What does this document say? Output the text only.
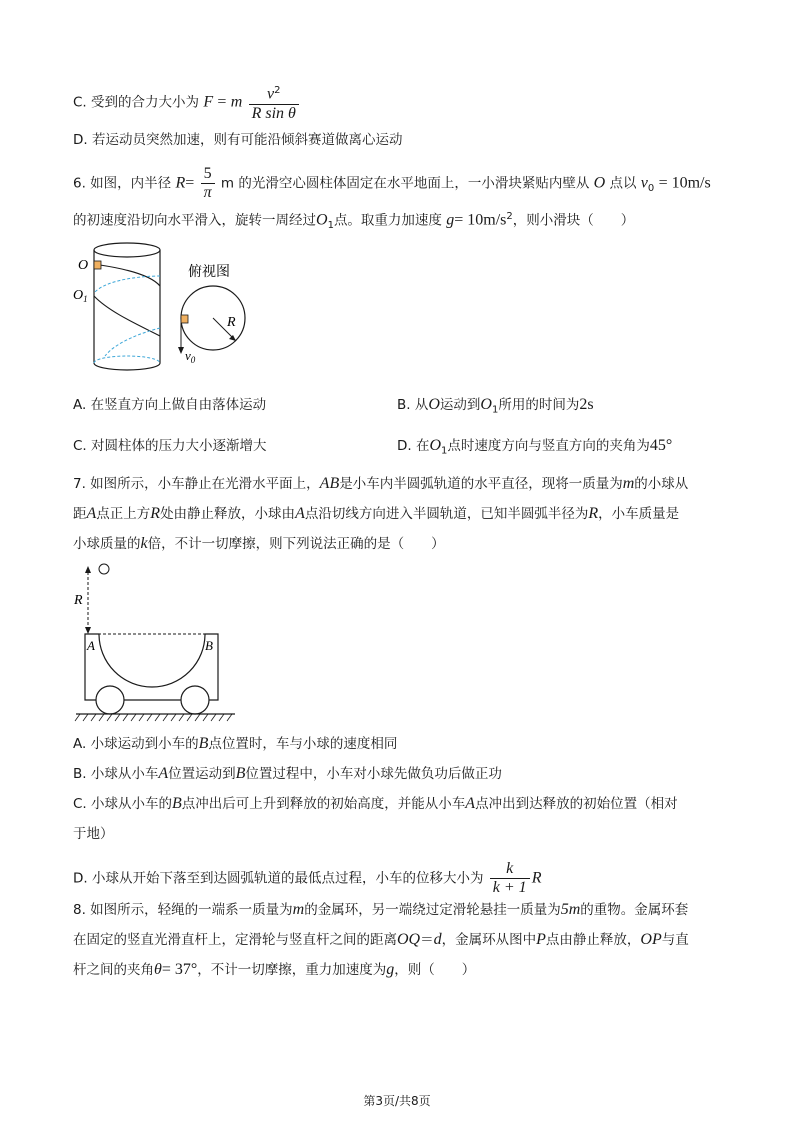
C. 受到的合力大小为 F = m $\frac{v^2}{\text{R sin θ}}$
D. 若运动员突然加速，则有可能沿倾斜赛道做离心运动
6. 如图，内半径 $R= \frac{5}{\pi}$ m 的光滑空心圆柱体固定在水平地面上，一小滑块紧贴内壁从 O 点以 $v_0 = 10m/s$
的初速度沿切向水平滑入，旋转一周经过$O_1$点。取重力加速度 $g= 10m/s^2$，则小滑块（　　）
O
$O_1$
俯视图
R
$v_0$
A. 在竖直方向上做自由落体运动	B. 从O运动到$O_1$所用的时间为2s
C. 对圆柱体的压力大小逐渐增大	D. 在$O_1$点时速度方向与竖直方向的夹角为45°
7. 如图所示，小车静止在光滑水平面上，AB是小车内半圆弧轨道的水平直径，现将一质量为m的小球从
距A点正上方R处由静止释放，小球由A点沿切线方向进入半圆轨道，已知半圆弧半径为R，小车质量是
小球质量的k倍，不计一切摩擦，则下列说法正确的是（　　）
R
A	B
A. 小球运动到小车的B点位置时，车与小球的速度相同
B. 小球从小车A位置运动到B位置过程中，小车对小球先做负功后做正功
C. 小球从小车的B点冲出后可上升到释放的初始高度，并能从小车A点冲出到达释放的初始位置（相对
于地）
D. 小球从开始下落至到达圆弧轨道的最低点过程，小车的位移大小为 $\frac{k}{k + 1}$ R
8. 如图所示，轻绳的一端系一质量为m的金属环，另一端绕过定滑轮悬挂一质量为5m的重物。金属环套
在固定的竖直光滑直杆上，定滑轮与竖直杆之间的距离OQ＝d，金属环从图中P点由静止释放，OP与直
杆之间的夹角θ= 37°，不计一切摩擦，重力加速度为g，则（　　）
第3页/共8页
